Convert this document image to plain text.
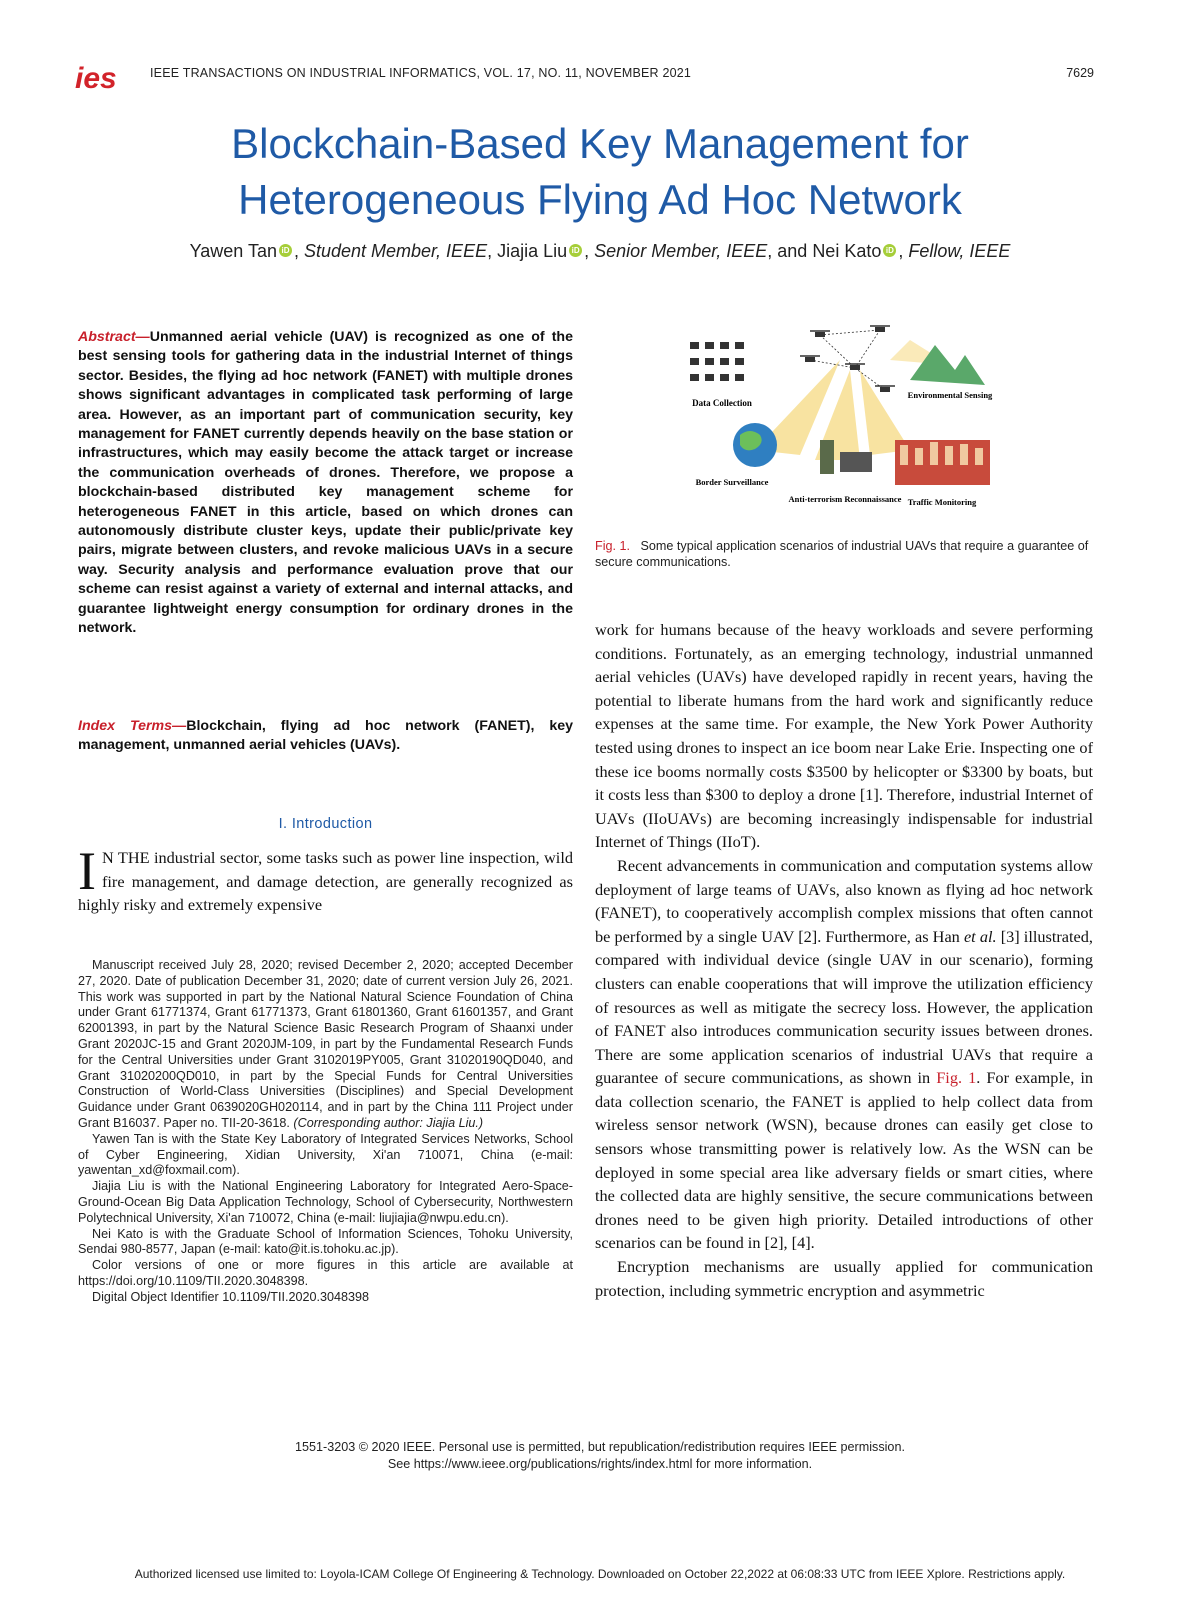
ies	IEEE TRANSACTIONS ON INDUSTRIAL INFORMATICS, VOL. 17, NO. 11, NOVEMBER 2021	7629
Blockchain-Based Key Management for
Heterogeneous Flying Ad Hoc Network
Yawen Tan iD , Student Member, IEEE, Jiajia Liu iD , Senior Member, IEEE, and Nei Kato iD , Fellow, IEEE
Abstract—Unmanned aerial vehicle (UAV) is recognized as one of the best sensing tools for gathering data in the industrial Internet of things sector. Besides, the flying ad hoc network (FANET) with multiple drones shows significant advantages in complicated task performing of large area. However, as an important part of communication security, key management for FANET currently depends heavily on the base station or infrastructures, which may easily become the attack target or increase the communication overheads of drones. Therefore, we propose a blockchain-based distributed key management scheme for heterogeneous FANET in this article, based on which drones can autonomously distribute cluster keys, update their public/private key pairs, migrate between clusters, and revoke malicious UAVs in a secure way. Security analysis and performance evaluation prove that our scheme can resist against a variety of external and internal attacks, and guarantee lightweight energy consumption for ordinary drones in the network.
Index Terms—Blockchain, flying ad hoc network (FANET), key management, unmanned aerial vehicles (UAVs).
I. Introduction
I N THE industrial sector, some tasks such as power line inspection, wild fire management, and damage detection, are generally recognized as highly risky and extremely expensive

Manuscript received July 28, 2020; revised December 2, 2020; accepted December 27, 2020. Date of publication December 31, 2020; date of current version July 26, 2021. This work was supported in part by the National Natural Science Foundation of China under Grant 61771374, Grant 61771373, Grant 61801360, Grant 61601357, and Grant 62001393, in part by the Natural Science Basic Research Program of Shaanxi under Grant 2020JC-15 and Grant 2020JM-109, in part by the Fundamental Research Funds for the Central Universities under Grant 3102019PY005, Grant 31020190QD040, and Grant 31020200QD010, in part by the Special Funds for Central Universities Construction of World-Class Universities (Disciplines) and Special Development Guidance under Grant 0639020GH020114, and in part by the China 111 Project under Grant B16037. Paper no. TII-20-3618. (Corresponding author: Jiajia Liu.)

Yawen Tan is with the State Key Laboratory of Integrated Services Networks, School of Cyber Engineering, Xidian University, Xi'an 710071, China (e-mail: yawentan_xd@foxmail.com).

Jiajia Liu is with the National Engineering Laboratory for Integrated Aero-Space-Ground-Ocean Big Data Application Technology, School of Cybersecurity, Northwestern Polytechnical University, Xi'an 710072, China (e-mail: liujiajia@nwpu.edu.cn).

Nei Kato is with the Graduate School of Information Sciences, Tohoku University, Sendai 980-8577, Japan (e-mail: kato@it.is.tohoku.ac.jp).

Color versions of one or more figures in this article are available at https://doi.org/10.1109/TII.2020.3048398.

Digital Object Identifier 10.1109/TII.2020.3048398

Data Collection
Environmental Sensing
Border Surveillance
Anti-terrorism Reconnaissance Traffic Monitoring
Fig. 1. Some typical application scenarios of industrial UAVs that require a guarantee of secure communications.

work for humans because of the heavy workloads and severe performing conditions. Fortunately, as an emerging technology, industrial unmanned aerial vehicles (UAVs) have developed rapidly in recent years, having the potential to liberate humans from the hard work and significantly reduce expenses at the same time. For example, the New York Power Authority tested using drones to inspect an ice boom near Lake Erie. Inspecting one of these ice booms normally costs $3500 by helicopter or $3300 by boats, but it costs less than $300 to deploy a drone [1]. Therefore, industrial Internet of UAVs (IIoUAVs) are becoming increasingly indispensable for industrial Internet of Things (IIoT).

Recent advancements in communication and computation systems allow deployment of large teams of UAVs, also known as flying ad hoc network (FANET), to cooperatively accomplish complex missions that often cannot be performed by a single UAV [2]. Furthermore, as Han et al. [3] illustrated, compared with individual device (single UAV in our scenario), forming clusters can enable cooperations that will improve the utilization efficiency of resources as well as mitigate the secrecy loss. However, the application of FANET also introduces communication security issues between drones. There are some application scenarios of industrial UAVs that require a guarantee of secure communications, as shown in Fig. 1. For example, in data collection scenario, the FANET is applied to help collect data from wireless sensor network (WSN), because drones can easily get close to sensors whose transmitting power is relatively low. As the WSN can be deployed in some special area like adversary fields or smart cities, where the collected data are highly sensitive, the secure communications between drones need to be given high priority. Detailed introductions of other scenarios can be found in [2], [4].

Encryption mechanisms are usually applied for communication protection, including symmetric encryption and asymmetric

1551-3203 © 2020 IEEE. Personal use is permitted, but republication/redistribution requires IEEE permission.
See https://www.ieee.org/publications/rights/index.html for more information.
Authorized licensed use limited to: Loyola-ICAM College Of Engineering & Technology. Downloaded on October 22,2022 at 06:08:33 UTC from IEEE Xplore. Restrictions apply.
